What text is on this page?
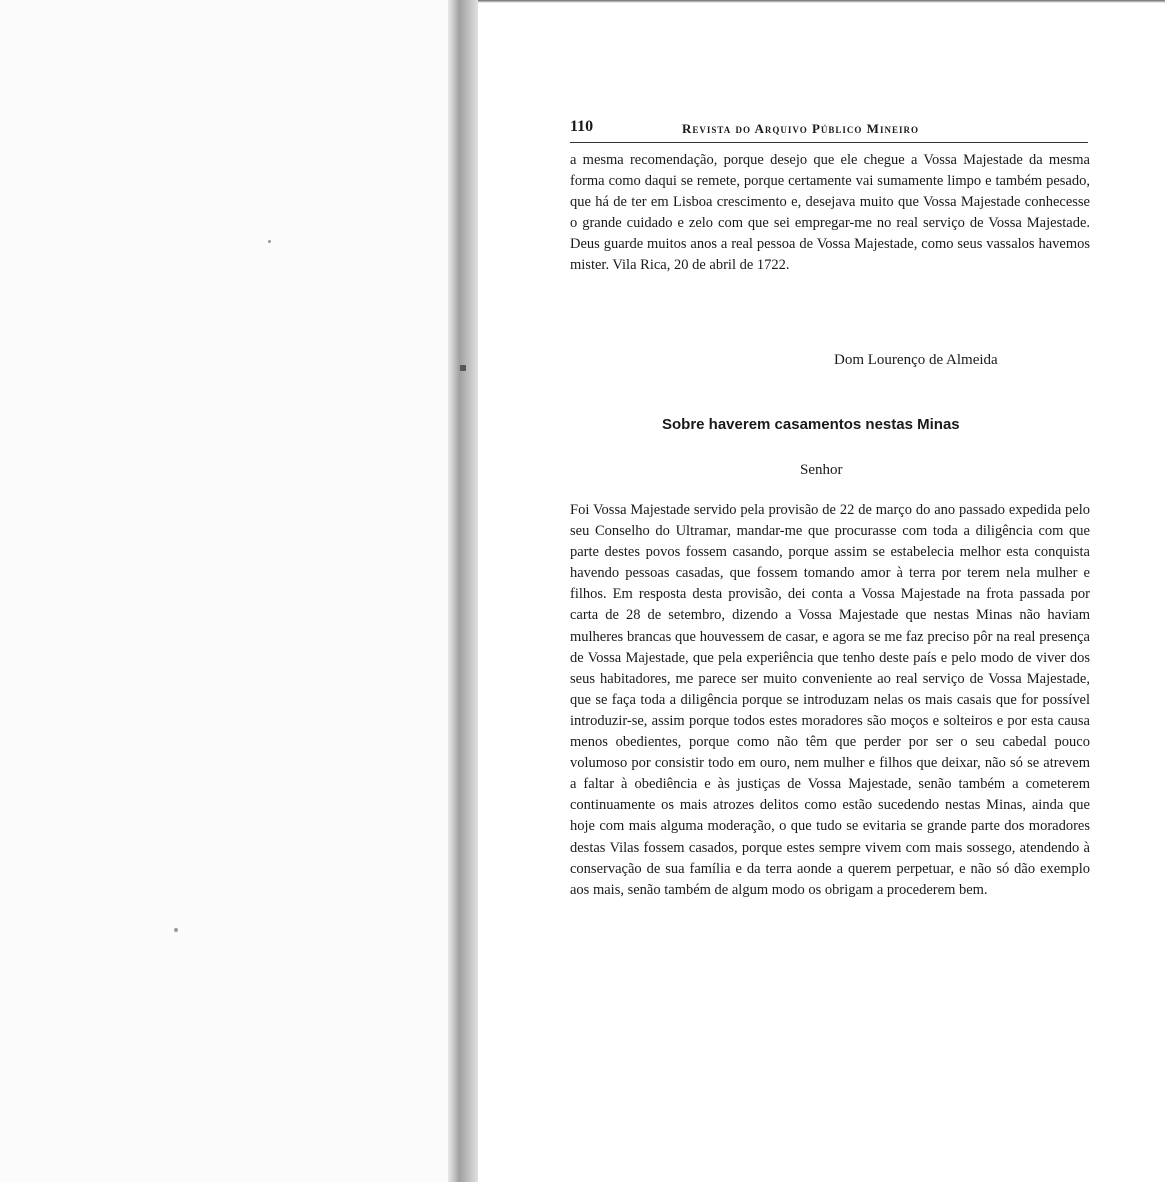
110	Revista do Arquivo Público Mineiro

a mesma recomendação, porque desejo que ele chegue a Vossa Majestade da mesma forma como daqui se remete, porque certamente vai sumamente limpo e também pesado, que há de ter em Lisboa crescimento e, desejava muito que Vossa Majestade conhecesse o grande cuidado e zelo com que sei empregar-me no real serviço de Vossa Majestade. Deus guarde muitos anos a real pessoa de Vossa Majestade, como seus vassalos havemos mister. Vila Rica, 20 de abril de 1722.

Dom Lourenço de Almeida
Sobre haverem casamentos nestas Minas
Senhor

Foi Vossa Majestade servido pela provisão de 22 de março do ano passado expedida pelo seu Conselho do Ultramar, mandar-me que procurasse com toda a diligência com que parte destes povos fossem casando, porque assim se estabelecia melhor esta conquista havendo pessoas casadas, que fossem tomando amor à terra por terem nela mulher e filhos. Em resposta desta provisão, dei conta a Vossa Majestade na frota passada por carta de 28 de setembro, dizendo a Vossa Majestade que nestas Minas não haviam mulheres brancas que houvessem de casar, e agora se me faz preciso pôr na real presença de Vossa Majestade, que pela experiência que tenho deste país e pelo modo de viver dos seus habitadores, me parece ser muito conveniente ao real serviço de Vossa Majestade, que se faça toda a diligência porque se introduzam nelas os mais casais que for possível introduzir-se, assim porque todos estes moradores são moços e solteiros e por esta causa menos obedientes, porque como não têm que perder por ser o seu cabedal pouco volumoso por consistir todo em ouro, nem mulher e filhos que deixar, não só se atrevem a faltar à obediência e às justiças de Vossa Majestade, senão também a cometerem continuamente os mais atrozes delitos como estão sucedendo nestas Minas, ainda que hoje com mais alguma moderação, o que tudo se evitaria se grande parte dos moradores destas Vilas fossem casados, porque estes sempre vivem com mais sossego, atendendo à conservação de sua família e da terra aonde a querem perpetuar, e não só dão exemplo aos mais, senão também de algum modo os obrigam a procederem bem.
